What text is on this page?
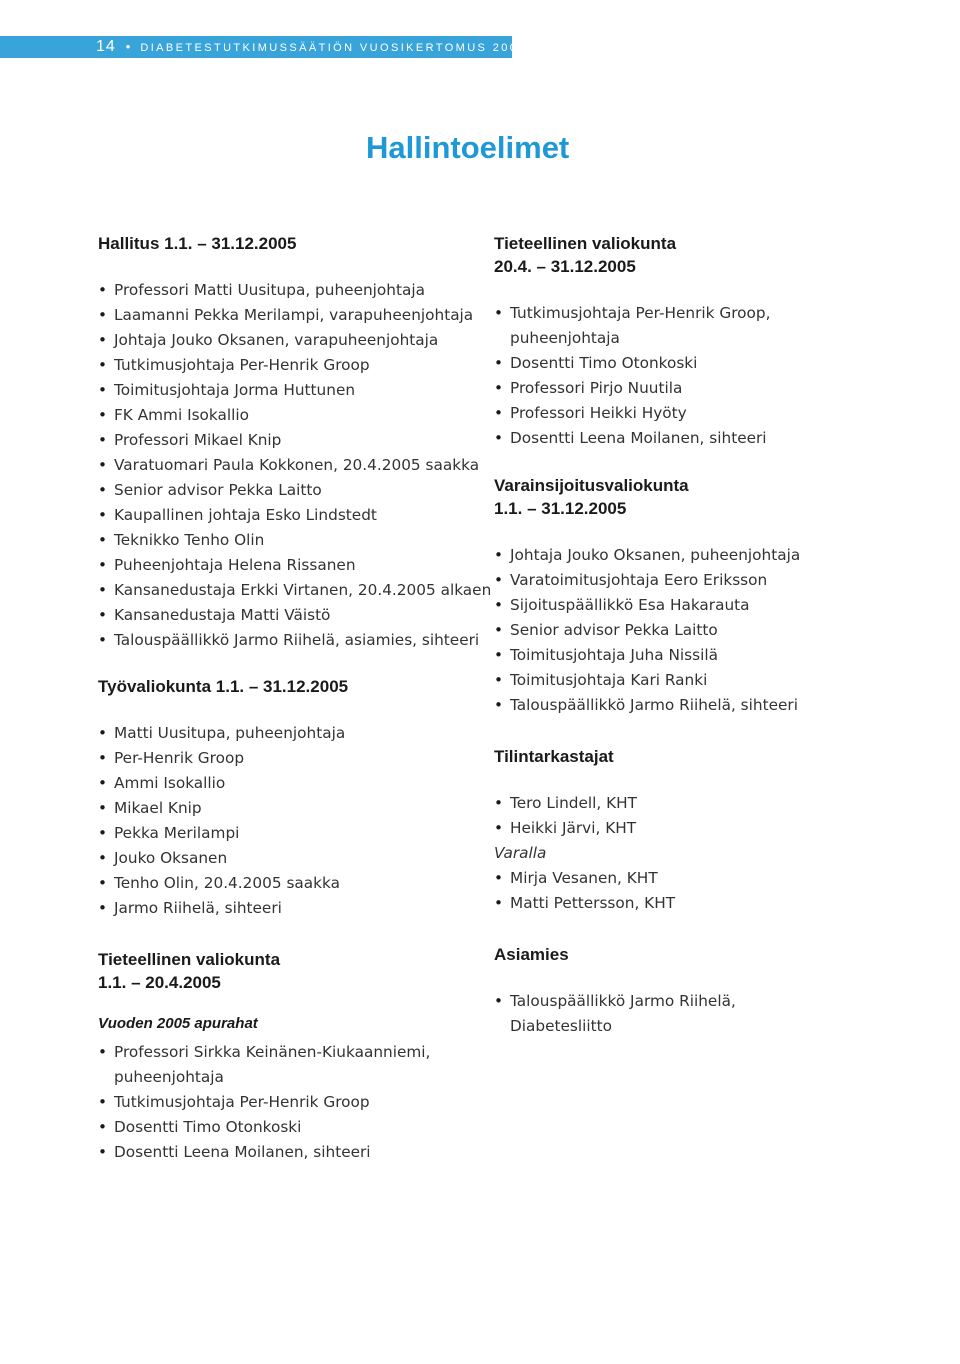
14 • DIABETESTUTKIMUSSÄÄTIÖN VUOSIKERTOMUS 2005
Hallintoelimet
Hallitus 1.1. – 31.12.2005
• Professori Matti Uusitupa, puheenjohtaja
• Laamanni Pekka Merilampi, varapuheenjohtaja
• Johtaja Jouko Oksanen, varapuheenjohtaja
• Tutkimusjohtaja Per-Henrik Groop
• Toimitusjohtaja Jorma Huttunen
• FK Ammi Isokallio
• Professori Mikael Knip
• Varatuomari Paula Kokkonen, 20.4.2005 saakka
• Senior advisor Pekka Laitto
• Kaupallinen johtaja Esko Lindstedt
• Teknikko Tenho Olin
• Puheenjohtaja Helena Rissanen
• Kansanedustaja Erkki Virtanen, 20.4.2005 alkaen
• Kansanedustaja Matti Väistö
• Talouspäällikkö Jarmo Riihelä, asiamies, sihteeri
Työvaliokunta 1.1. – 31.12.2005
• Matti Uusitupa, puheenjohtaja
• Per-Henrik Groop
• Ammi Isokallio
• Mikael Knip
• Pekka Merilampi
• Jouko Oksanen
• Tenho Olin, 20.4.2005 saakka
• Jarmo Riihelä, sihteeri
Tieteellinen valiokunta
1.1. – 20.4.2005
Vuoden 2005 apurahat
• Professori Sirkka Keinänen-Kiukaanniemi,
puheenjohtaja
• Tutkimusjohtaja Per-Henrik Groop
• Dosentti Timo Otonkoski
• Dosentti Leena Moilanen, sihteeri
Tieteellinen valiokunta
20.4. – 31.12.2005
• Tutkimusjohtaja Per-Henrik Groop,
puheenjohtaja
• Dosentti Timo Otonkoski
• Professori Pirjo Nuutila
• Professori Heikki Hyöty
• Dosentti Leena Moilanen, sihteeri
Varainsijoitusvaliokunta
1.1. – 31.12.2005
• Johtaja Jouko Oksanen, puheenjohtaja
• Varatoimitusjohtaja Eero Eriksson
• Sijoituspäällikkö Esa Hakarauta
• Senior advisor Pekka Laitto
• Toimitusjohtaja Juha Nissilä
• Toimitusjohtaja Kari Ranki
• Talouspäällikkö Jarmo Riihelä, sihteeri
Tilintarkastajat
• Tero Lindell, KHT
• Heikki Järvi, KHT
Varalla
• Mirja Vesanen, KHT
• Matti Pettersson, KHT
Asiamies
• Talouspäällikkö Jarmo Riihelä,
Diabetesliitto
